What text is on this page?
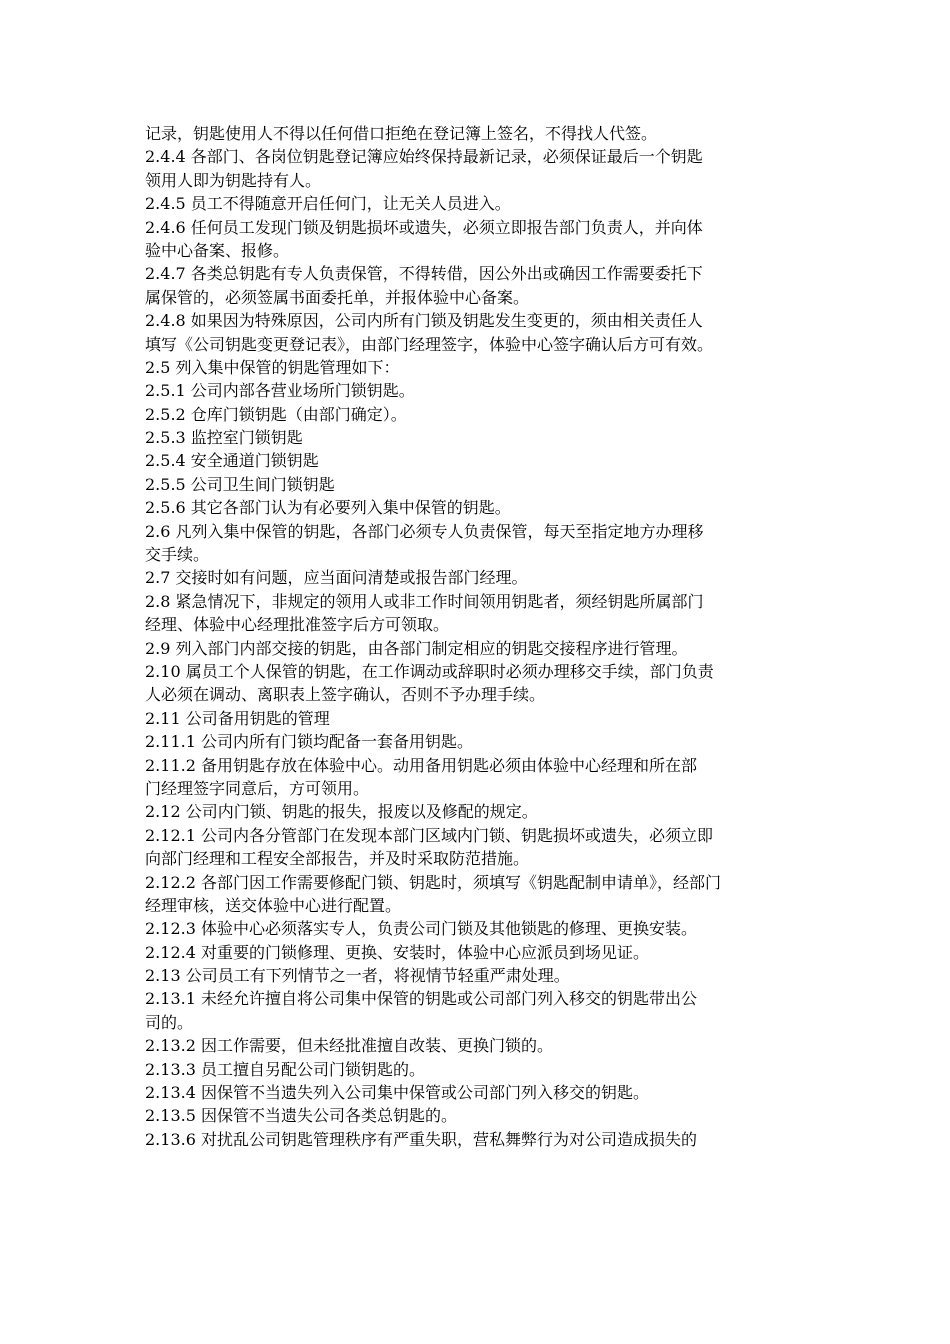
记录，钥匙使用人不得以任何借口拒绝在登记簿上签名，不得找人代签。
2.4.4 各部门、各岗位钥匙登记簿应始终保持最新记录，必须保证最后一个钥匙
领用人即为钥匙持有人。
2.4.5 员工不得随意开启任何门，让无关人员进入。
2.4.6 任何员工发现门锁及钥匙损坏或遗失，必须立即报告部门负责人，并向体
验中心备案、报修。
2.4.7 各类总钥匙有专人负责保管，不得转借，因公外出或确因工作需要委托下
属保管的，必须签属书面委托单，并报体验中心备案。
2.4.8 如果因为特殊原因，公司内所有门锁及钥匙发生变更的，须由相关责任人
填写《公司钥匙变更登记表》，由部门经理签字，体验中心签字确认后方可有效。
2.5 列入集中保管的钥匙管理如下：
2.5.1 公司内部各营业场所门锁钥匙。
2.5.2 仓库门锁钥匙（由部门确定）。
2.5.3 监控室门锁钥匙
2.5.4 安全通道门锁钥匙
2.5.5 公司卫生间门锁钥匙
2.5.6 其它各部门认为有必要列入集中保管的钥匙。
2.6 凡列入集中保管的钥匙，各部门必须专人负责保管，每天至指定地方办理移
交手续。
2.7 交接时如有问题，应当面问清楚或报告部门经理。
2.8 紧急情况下，非规定的领用人或非工作时间领用钥匙者，须经钥匙所属部门
经理、体验中心经理批准签字后方可领取。
2.9 列入部门内部交接的钥匙，由各部门制定相应的钥匙交接程序进行管理。
2.10 属员工个人保管的钥匙，在工作调动或辞职时必须办理移交手续，部门负责
人必须在调动、离职表上签字确认，否则不予办理手续。
2.11 公司备用钥匙的管理
2.11.1 公司内所有门锁均配备一套备用钥匙。
2.11.2 备用钥匙存放在体验中心。动用备用钥匙必须由体验中心经理和所在部
门经理签字同意后，方可领用。
2.12 公司内门锁、钥匙的报失，报废以及修配的规定。
2.12.1 公司内各分管部门在发现本部门区域内门锁、钥匙损坏或遗失，必须立即
向部门经理和工程安全部报告，并及时采取防范措施。
2.12.2 各部门因工作需要修配门锁、钥匙时，须填写《钥匙配制申请单》，经部门
经理审核，送交体验中心进行配置。
2.12.3 体验中心必须落实专人，负责公司门锁及其他锁匙的修理、更换安装。
2.12.4 对重要的门锁修理、更换、安装时，体验中心应派员到场见证。
2.13 公司员工有下列情节之一者，将视情节轻重严肃处理。
2.13.1 未经允许擅自将公司集中保管的钥匙或公司部门列入移交的钥匙带出公
司的。
2.13.2 因工作需要，但未经批准擅自改装、更换门锁的。
2.13.3 员工擅自另配公司门锁钥匙的。
2.13.4 因保管不当遗失列入公司集中保管或公司部门列入移交的钥匙。
2.13.5 因保管不当遗失公司各类总钥匙的。
2.13.6 对扰乱公司钥匙管理秩序有严重失职，营私舞弊行为对公司造成损失的
